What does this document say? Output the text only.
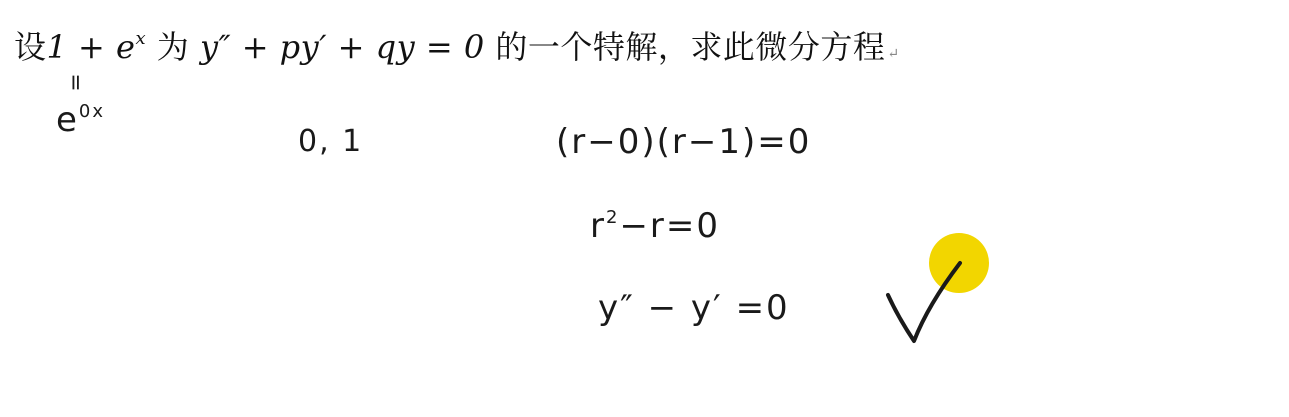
设$1 + e^x$ 为 y″ + py′ + qy = 0 的一个特解，求此微分方程 ↵
=
$e^{0x}$
0, 1	(r−0)(r−1)=0
$r^2-r=0$
y″ − y′ =0
